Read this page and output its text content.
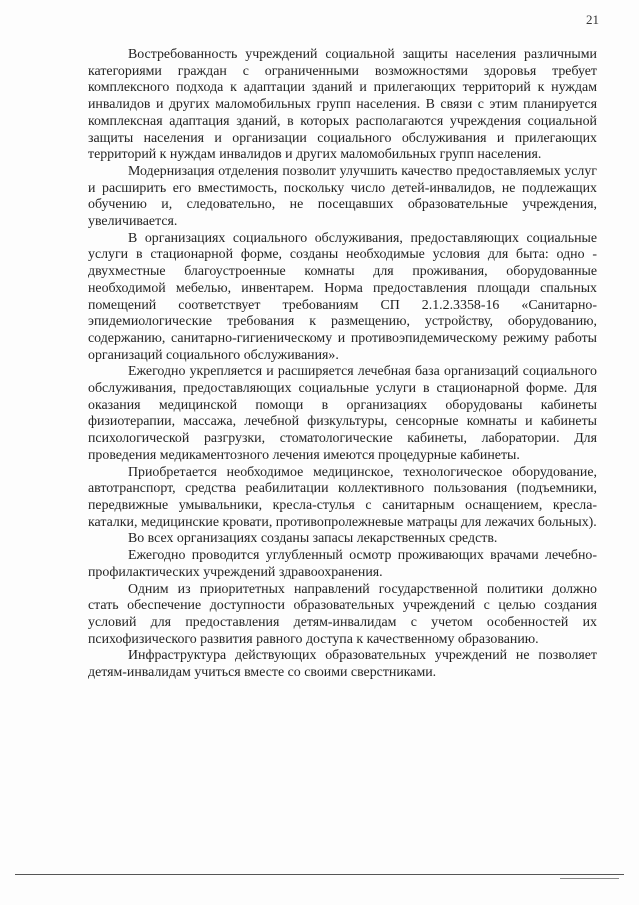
21

Востребованность учреждений социальной защиты населения различными категориями граждан с ограниченными возможностями здоровья требует комплексного подхода к адаптации зданий и прилегающих территорий к нуждам инвалидов и других маломобильных групп населения. В связи с этим планируется комплексная адаптация зданий, в которых располагаются учреждения социальной защиты населения и организации социального обслуживания и прилегающих территорий к нуждам инвалидов и других маломобильных групп населения.

Модернизация отделения позволит улучшить качество предоставляемых услуг и расширить его вместимость, поскольку число детей-инвалидов, не подлежащих обучению и, следовательно, не посещавших образовательные учреждения, увеличивается.

В организациях социального обслуживания, предоставляющих социальные услуги в стационарной форме, созданы необходимые условия для быта: одно - двухместные благоустроенные комнаты для проживания, оборудованные необходимой мебелью, инвентарем. Норма предоставления площади спальных помещений соответствует требованиям СП 2.1.2.3358-16 «Санитарно-эпидемиологические требования к размещению, устройству, оборудованию, содержанию, санитарно-гигиеническому и противоэпидемическому режиму работы организаций социального обслуживания».

Ежегодно укрепляется и расширяется лечебная база организаций социального обслуживания, предоставляющих социальные услуги в стационарной форме. Для оказания медицинской помощи в организациях оборудованы кабинеты физиотерапии, массажа, лечебной физкультуры, сенсорные комнаты и кабинеты психологической разгрузки, стоматологические кабинеты, лаборатории. Для проведения медикаментозного лечения имеются процедурные кабинеты.

Приобретается необходимое медицинское, технологическое оборудование, автотранспорт, средства реабилитации коллективного пользования (подъемники, передвижные умывальники, кресла-стулья с санитарным оснащением, кресла-каталки, медицинские кровати, противопролежневые матрацы для лежачих больных).

Во всех организациях созданы запасы лекарственных средств.

Ежегодно проводится углубленный осмотр проживающих врачами лечебно-профилактических учреждений здравоохранения.

Одним из приоритетных направлений государственной политики должно стать обеспечение доступности образовательных учреждений с целью создания условий для предоставления детям-инвалидам с учетом особенностей их психофизического развития равного доступа к качественному образованию.

Инфраструктура действующих образовательных учреждений не позволяет детям-инвалидам учиться вместе со своими сверстниками.
